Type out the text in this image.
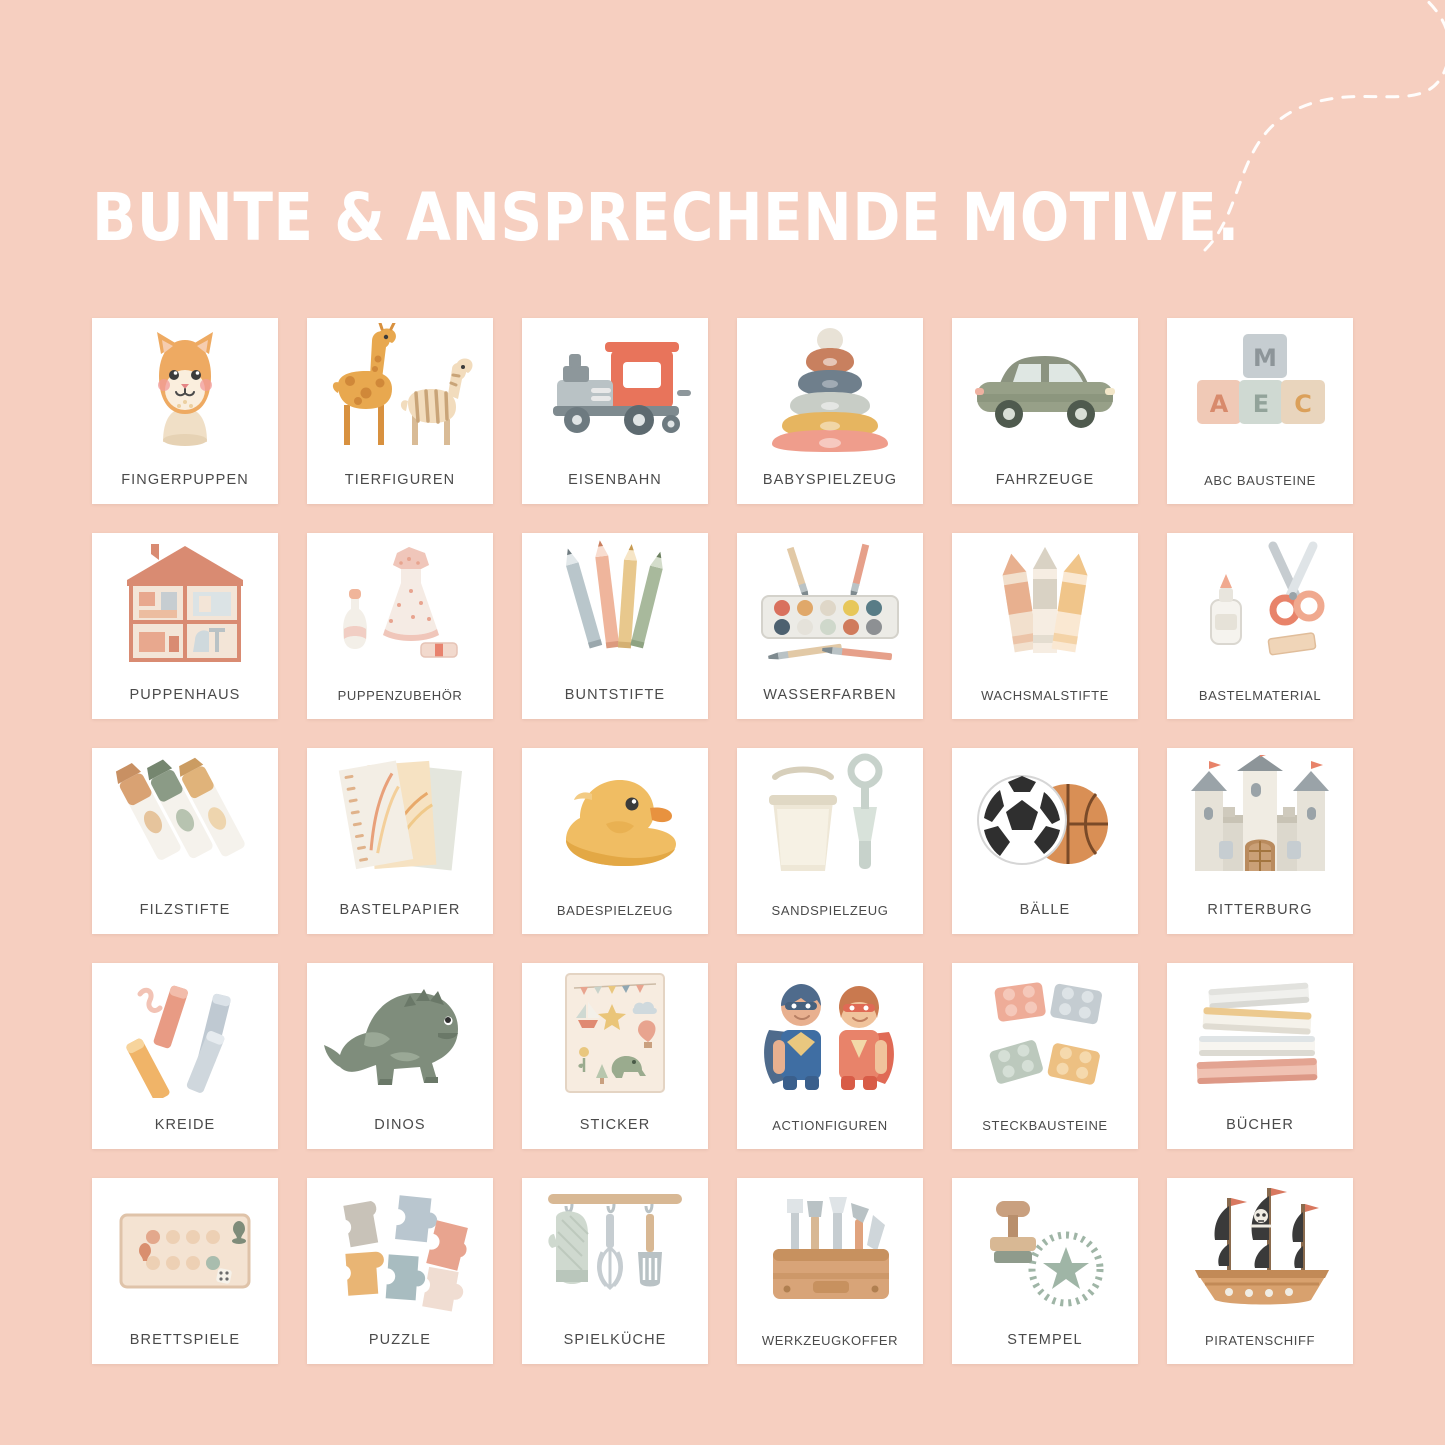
BUNTE & ANSPRECHENDE MOTIVE.
FINGERPUPPEN	TIERFIGUREN	EISENBAHN	BABYSPIELZEUG	FAHRZEUGE
M
A E C
ABC BAUSTEINE
PUPPENHAUS	PUPPENZUBEHÖR	BUNTSTIFTE	WASSERFARBEN	WACHSMALSTIFTE	BASTELMATERIAL
FILZSTIFTE	BASTELPAPIER	BADESPIELZEUG	SANDSPIELZEUG	BÄLLE	RITTERBURG
KREIDE	DINOS	STICKER	ACTIONFIGUREN	STECKBAUSTEINE	BÜCHER
BRETTSPIELE	PUZZLE	SPIELKÜCHE	WERKZEUGKOFFER	STEMPEL	PIRATENSCHIFF
